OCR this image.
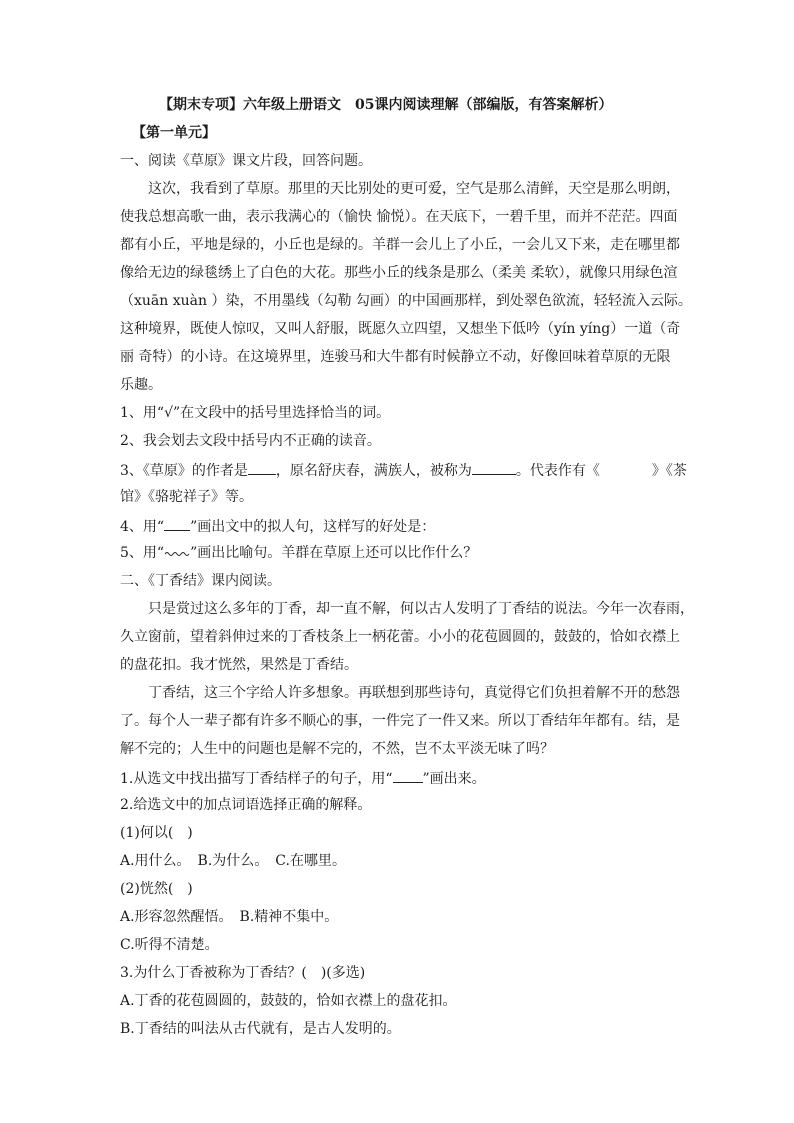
【期末专项】六年级上册语文　05课内阅读理解（部编版，有答案解析）
【第一单元】
一、阅读《草原》课文片段，回答问题。
这次，我看到了草原。那里的天比别处的更可爱，空气是那么清鲜，天空是那么明朗，
使我总想高歌一曲，表示我满心的（愉快 愉悦）。在天底下，一碧千里，而并不茫茫。四面
都有小丘，平地是绿的，小丘也是绿的。羊群一会儿上了小丘，一会儿又下来，走在哪里都
像给无边的绿毯绣上了白色的大花。那些小丘的线条是那么（柔美 柔软），就像只用绿色渲
（xuān xuàn ）染，不用墨线（勾勒 勾画）的中国画那样，到处翠色欲流，轻轻流入云际。
这种境界，既使人惊叹，又叫人舒服，既愿久立四望，又想坐下低吟（yín yíng）一道（奇
丽 奇特）的小诗。在这境界里，连骏马和大牛都有时候静立不动，好像回味着草原的无限
乐趣。
1、用“√”在文段中的括号里选择恰当的词。
2、我会划去文段中括号内不正确的读音。
3、《草原》的作者是 ，原名舒庆春，满族人，被称为	。代表作有《	》《茶
馆》《骆驼祥子》等。
4、用“ ”画出文中的拟人句，这样写的好处是：
5、用“ ”画出比喻句。羊群在草原上还可以比作什么？
二、《丁香结》课内阅读。
只是赏过这么多年的丁香，却一直不解，何以古人发明了丁香结的说法。今年一次春雨，
久立窗前，望着斜伸过来的丁香枝条上一柄花蕾。小小的花苞圆圆的，鼓鼓的，恰如衣襟上
的盘花扣。我才恍然，果然是丁香结。
丁香结，这三个字给人许多想象。再联想到那些诗句，真觉得它们负担着解不开的愁怨
了。每个人一辈子都有许多不顺心的事，一件完了一件又来。所以丁香结年年都有。结，是
解不完的；人生中的问题也是解不完的，不然，岂不太平淡无味了吗？
1.从选文中找出描写丁香结样子的句子，用“ ”画出来。
2.给选文中的加点词语选择正确的解释。
(1)何以(　)
A.用什么。　B.为什么。　C.在哪里。
(2)恍然(　)
A.形容忽然醒悟。　B.精神不集中。
C.听得不清楚。
3.为什么丁香被称为丁香结？(　)(多选)
A.丁香的花苞圆圆的，鼓鼓的，恰如衣襟上的盘花扣。
B.丁香结的叫法从古代就有，是古人发明的。
